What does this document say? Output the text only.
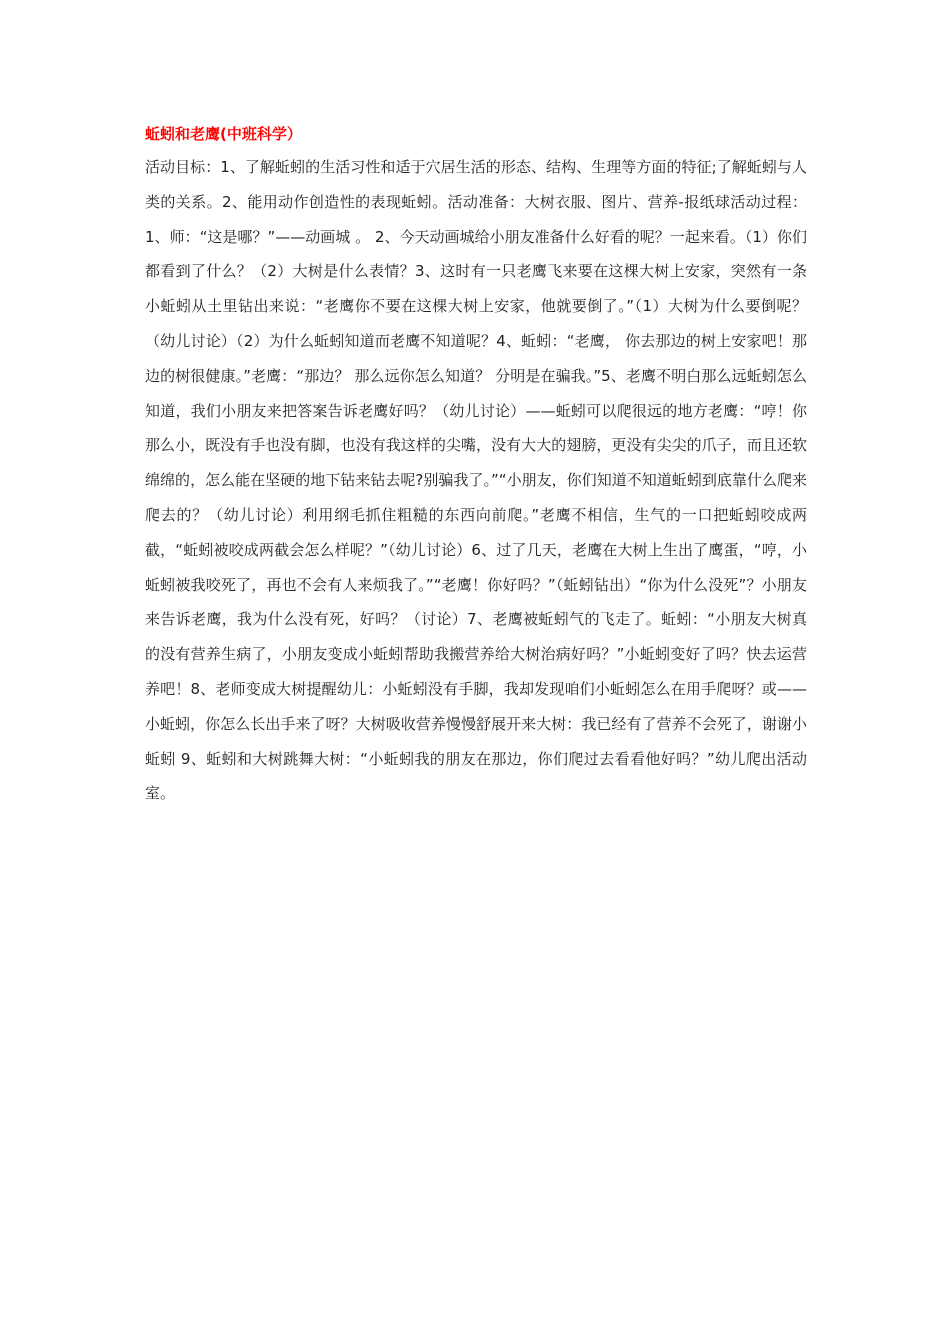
蚯蚓和老鹰(中班科学）

活动目标：1、了解蚯蚓的生活习性和适于穴居生活的形态、结构、生理等方面的特征;了解蚯蚓与人类的关系。2、能用动作创造性的表现蚯蚓。活动准备：大树衣服、图片、营养-报纸球活动过程：1、师：“这是哪？”——动画城 。 2、今天动画城给小朋友准备什么好看的呢？一起来看。（1）你们都看到了什么？（2）大树是什么表情？3、这时有一只老鹰飞来要在这棵大树上安家，突然有一条小蚯蚓从土里钻出来说：“老鹰你不要在这棵大树上安家，他就要倒了。”（1）大树为什么要倒呢？（幼儿讨论）（2）为什么蚯蚓知道而老鹰不知道呢？4、蚯蚓：“老鹰， 你去那边的树上安家吧！那边的树很健康。”老鹰：“那边？ 那么远你怎么知道？ 分明是在骗我。”5、老鹰不明白那么远蚯蚓怎么知道，我们小朋友来把答案告诉老鹰好吗？（幼儿讨论）——蚯蚓可以爬很远的地方老鹰：“哼！你那么小，既没有手也没有脚，也没有我这样的尖嘴，没有大大的翅膀，更没有尖尖的爪子，而且还软绵绵的，怎么能在坚硬的地下钻来钻去呢?别骗我了。”“小朋友，你们知道不知道蚯蚓到底靠什么爬来爬去的？（幼儿讨论）利用纲毛抓住粗糙的东西向前爬。”老鹰不相信，生气的一口把蚯蚓咬成两截，“蚯蚓被咬成两截会怎么样呢？”（幼儿讨论）6、过了几天，老鹰在大树上生出了鹰蛋，“哼，小蚯蚓被我咬死了，再也不会有人来烦我了。”“老鹰！你好吗？”（蚯蚓钻出）“你为什么没死”？小朋友来告诉老鹰，我为什么没有死，好吗？（讨论）7、老鹰被蚯蚓气的飞走了。蚯蚓：“小朋友大树真的没有营养生病了，小朋友变成小蚯蚓帮助我搬营养给大树治病好吗？”小蚯蚓变好了吗？快去运营养吧！8、老师变成大树提醒幼儿：小蚯蚓没有手脚，我却发现咱们小蚯蚓怎么在用手爬呀？或——小蚯蚓，你怎么长出手来了呀？大树吸收营养慢慢舒展开来大树：我已经有了营养不会死了，谢谢小蚯蚓 9、蚯蚓和大树跳舞大树：“小蚯蚓我的朋友在那边，你们爬过去看看他好吗？”幼儿爬出活动室。
